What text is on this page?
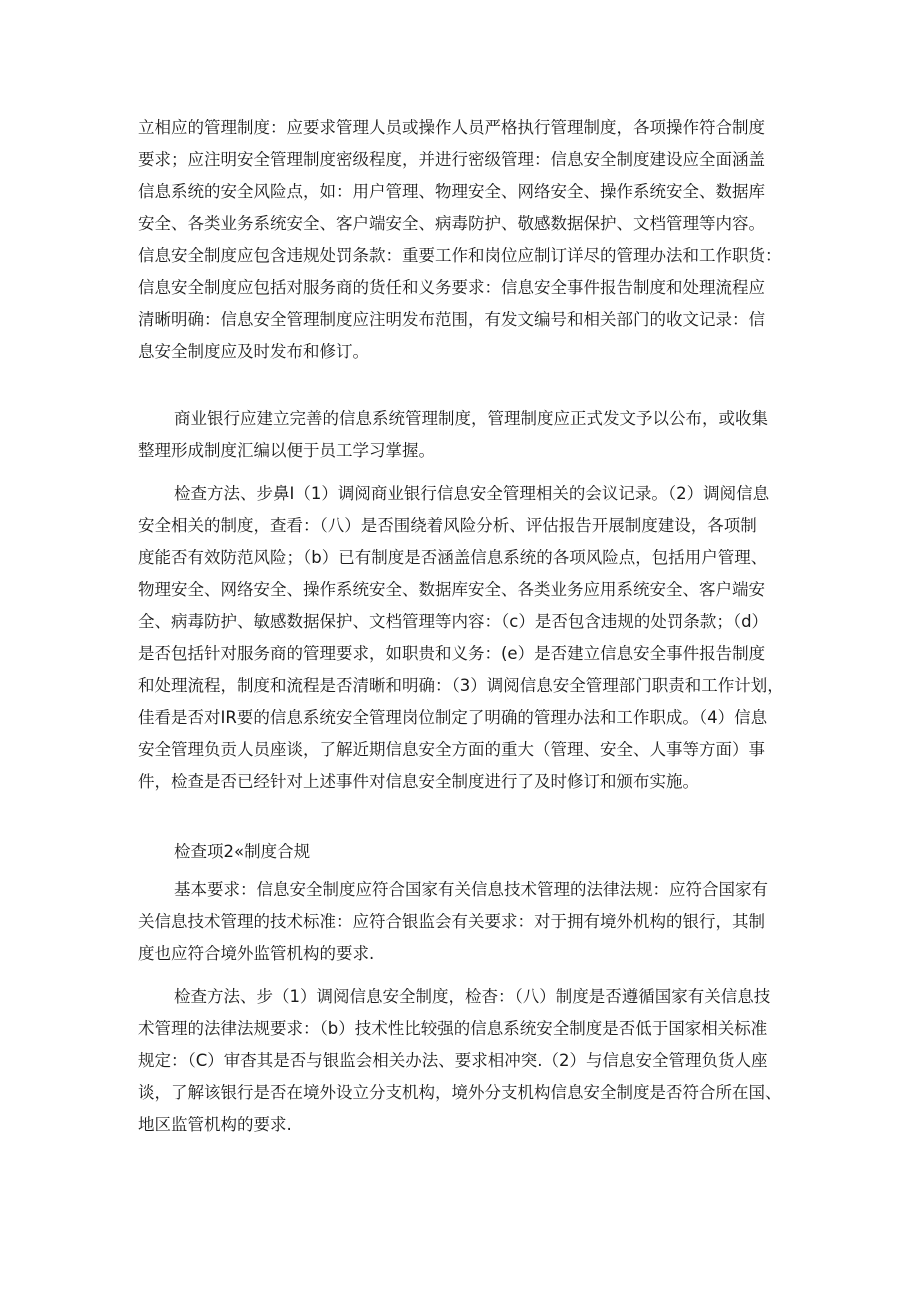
立相应的管理制度：应要求管理人员或操作人员严格执行管理制度，各项操作符合制度
要求；应注明安全管理制度密级程度，并进行密级管理：信息安全制度建设应全面涵盖
信息系统的安全风险点，如：用户管理、物理安全、网络安全、操作系统安全、数据库
安全、各类业务系统安全、客户端安全、病毒防护、敬感数据保护、文档管理等内容。
信息安全制度应包含违规处罚条款：重要工作和岗位应制订详尽的管理办法和工作职货：
信息安全制度应包括对服务商的货任和义务要求：信息安全事件报告制度和处理流程应
清晰明确：信息安全管理制度应注明发布范围，有发文编号和相关部门的收文记录：信
息安全制度应及时发布和修订。
商业银行应建立完善的信息系统管理制度，管理制度应正式发文予以公布，或收集
整理形成制度汇编以便于员工学习掌握。
检查方法、步鼻I（1）调阅商业银行信息安全管理相关的会议记录。（2）调阅信息
安全相关的制度，查看：（八）是否围绕着风险分析、评估报告开展制度建设，各项制
度能否有效防范风险；（b）已有制度是否涵盖信息系统的各项风险点，包括用户管理、
物理安全、网络安全、操作系统安全、数据库安全、各类业务应用系统安全、客户端安
全、病毒防护、敏感数据保护、文档管理等内容：（c）是否包含违规的处罚条款；（d）
是否包括针对服务商的管理要求，如职贵和义务：(e）是否建立信息安全事件报告制度
和处理流程，制度和流程是否清晰和明确：（3）调阅信息安全管理部门职责和工作计划，
佳看是否对IR要的信息系统安全管理岗位制定了明确的管理办法和工作职成。（4）信息
安全管理负贡人员座谈，了解近期信息安全方面的重大（管理、安全、人事等方面）事
件，检查是否已经针对上述事件对信息安全制度进行了及时修订和颁布实施。
检查项2«制度合规
基本要求：信息安全制度应符合国家有关信息技术管理的法律法规：应符合国家有
关信息技术管理的技术标准：应符合银监会有关要求：对于拥有境外机构的银行，其制
度也应符合境外监管机构的要求.
检查方法、步（1）调阅信息安全制度，检杳：（八）制度是否遵循国家有关信息技
术管理的法律法规要求：（b）技术性比较强的信息系统安全制度是否低于国家相关标准
规定：（C）审杳其是否与银监会相关办法、要求相冲突.（2）与信息安全管理负货人座
谈，了解该银行是否在境外设立分支机构，境外分支机构信息安全制度是否符合所在国、
地区监管机构的要求.
